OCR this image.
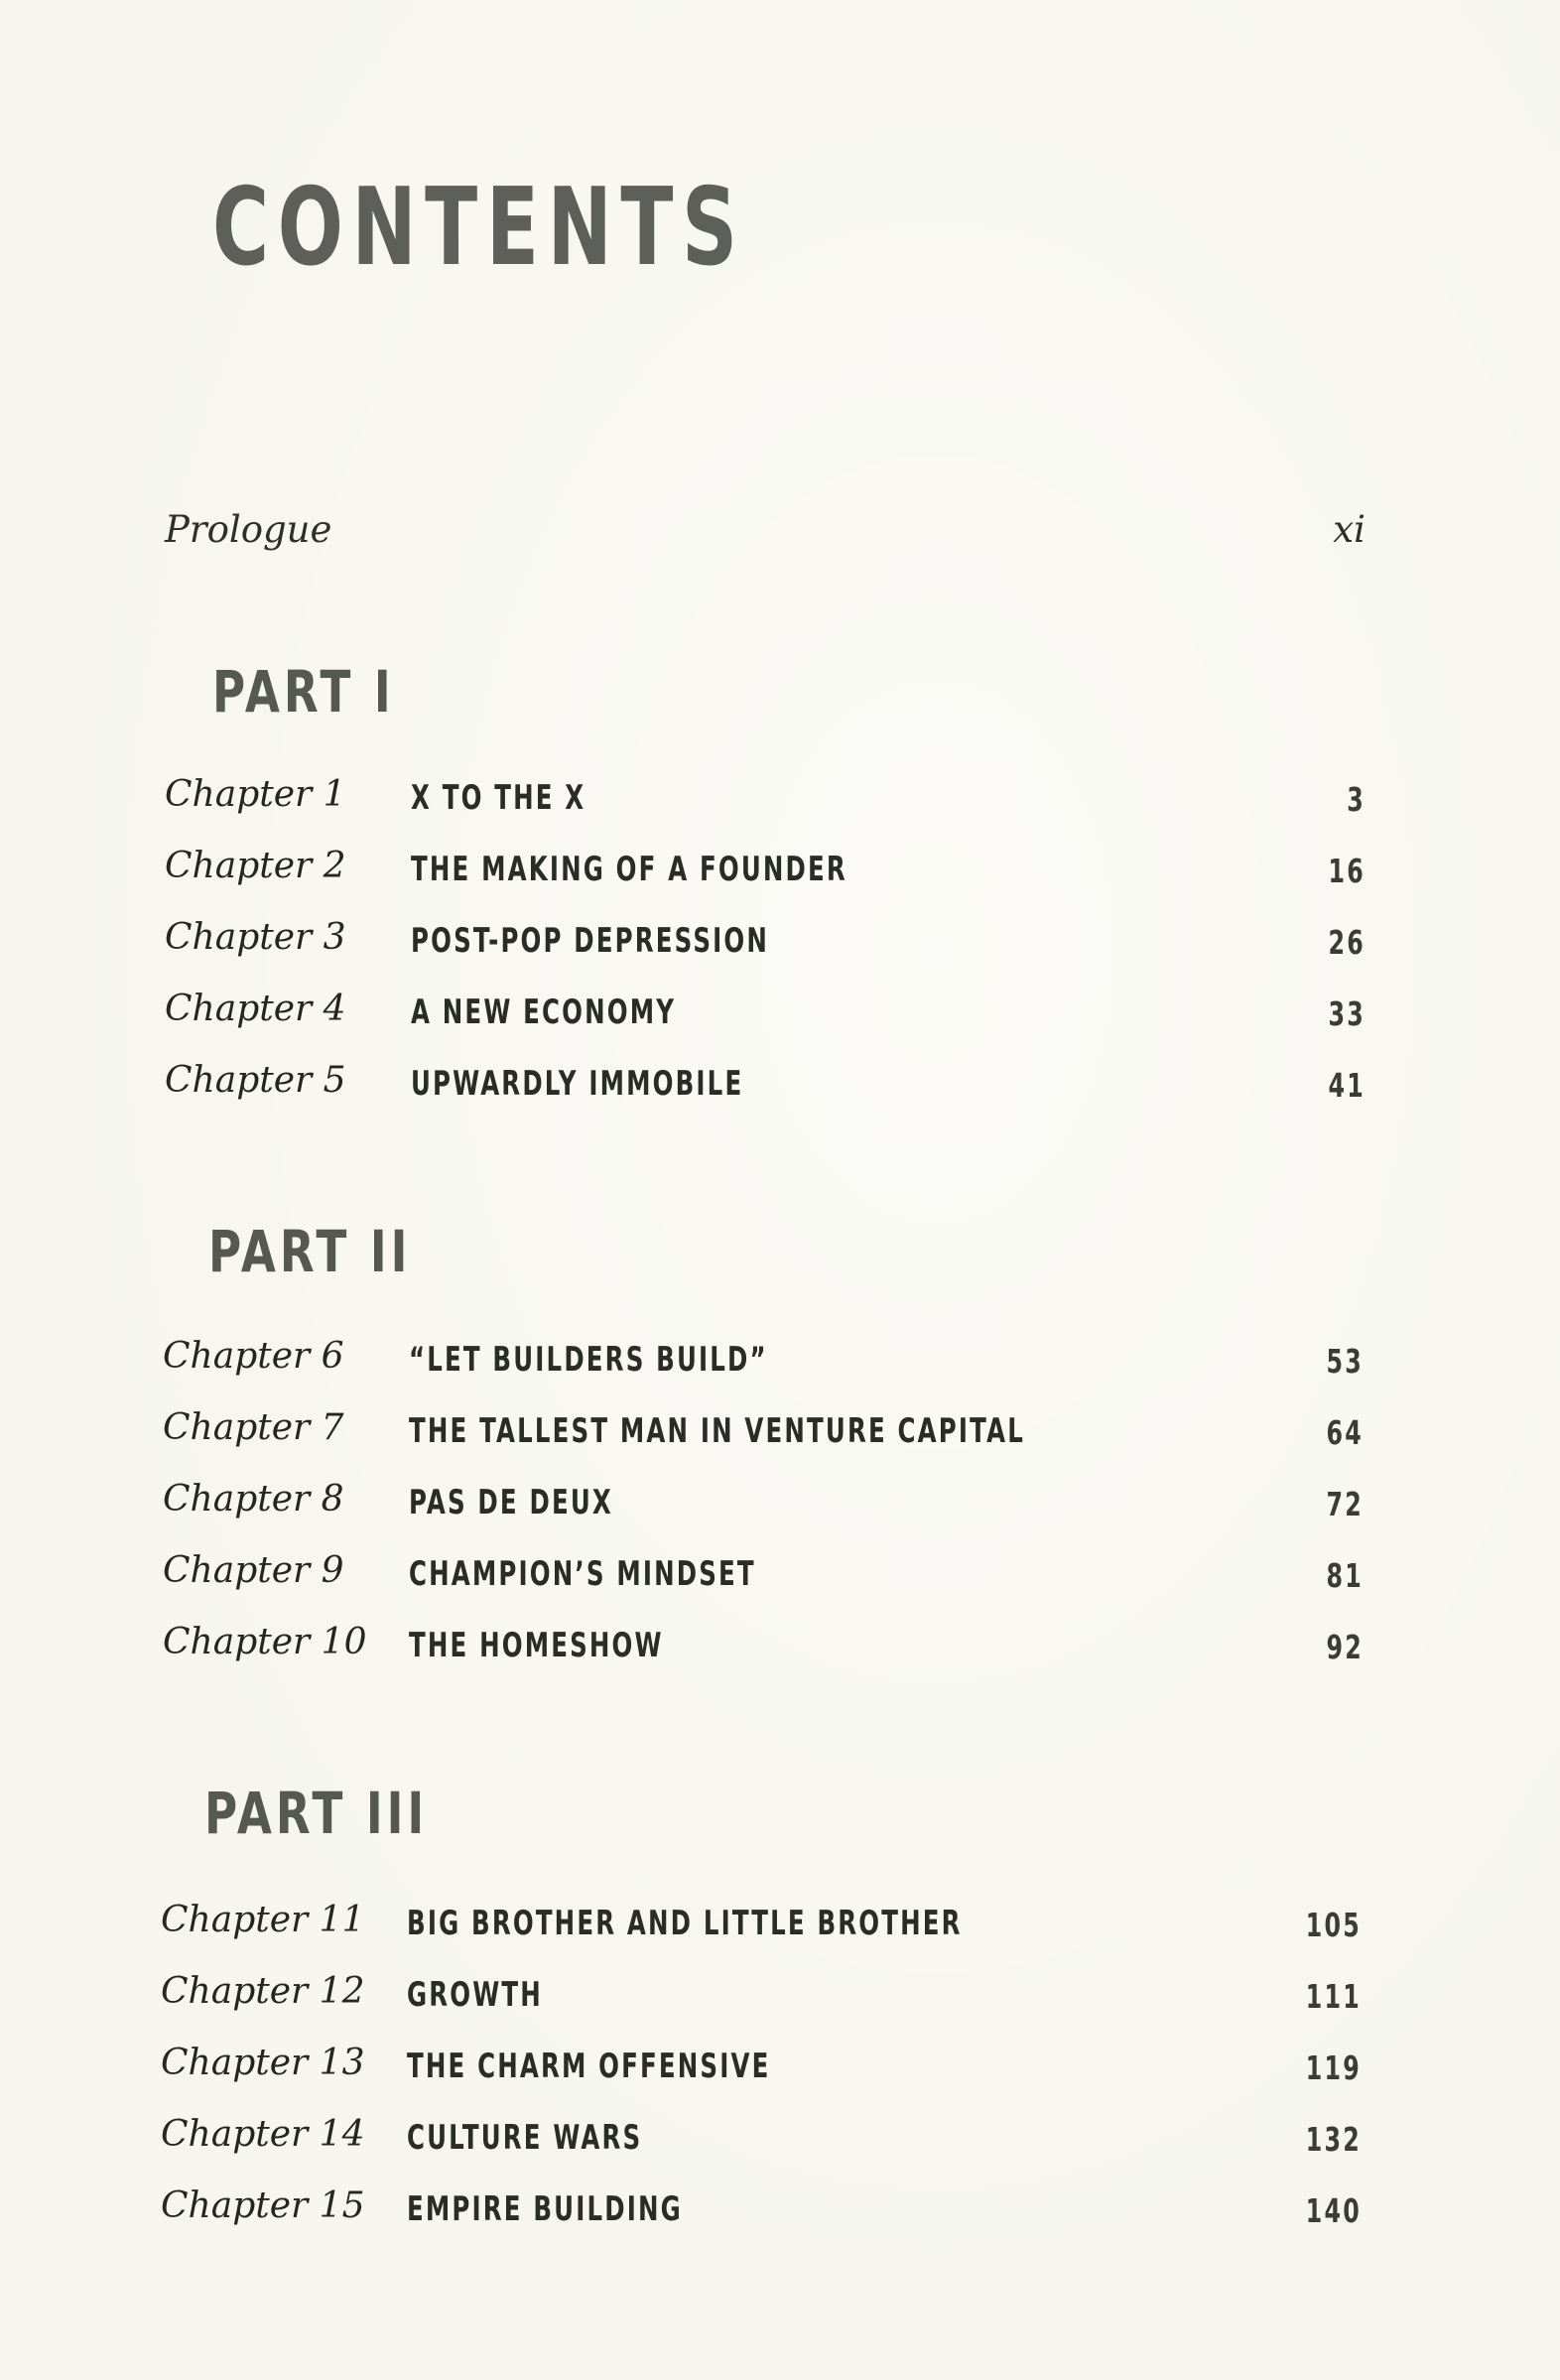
CONTENTS
Prologue	xi
PART I
Chapter 1 X TO THE X	3
Chapter 2 THE MAKING OF A FOUNDER	16
Chapter 3 POST-POP DEPRESSION	26
Chapter 4 A NEW ECONOMY	33
Chapter 5 UPWARDLY IMMOBILE	41
PART II
Chapter 6 “LET BUILDERS BUILD”	53
Chapter 7 THE TALLEST MAN IN VENTURE CAPITAL	64
Chapter 8 PAS DE DEUX	72
Chapter 9 CHAMPION’S MINDSET	81
Chapter 10 THE HOMESHOW	92
PART III
Chapter 11 BIG BROTHER AND LITTLE BROTHER	105
Chapter 12 GROWTH	111
Chapter 13 THE CHARM OFFENSIVE	119
Chapter 14 CULTURE WARS	132
Chapter 15 EMPIRE BUILDING	140
